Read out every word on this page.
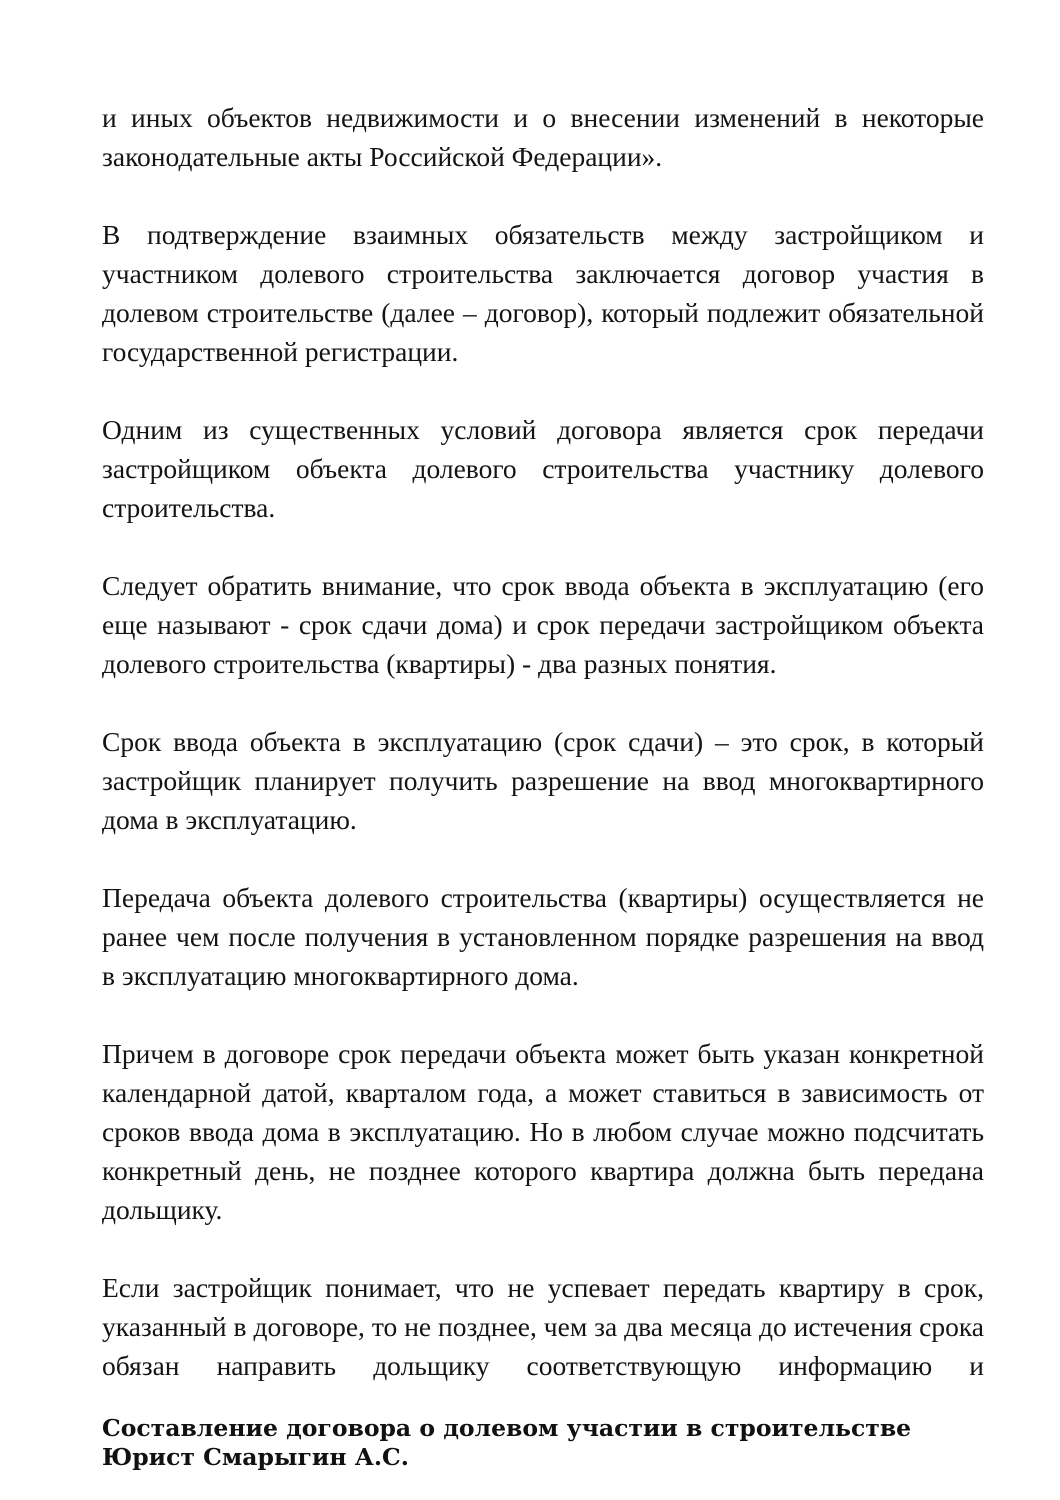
и иных объектов недвижимости и о внесении изменений в некоторые законодательные акты Российской Федерации».

В подтверждение взаимных обязательств между застройщиком и участником долевого строительства заключается договор участия в долевом строительстве (далее – договор), который подлежит обязательной государственной регистрации.

Одним из существенных условий договора является срок передачи застройщиком объекта долевого строительства участнику долевого строительства.

Следует обратить внимание, что срок ввода объекта в эксплуатацию (его еще называют - срок сдачи дома) и срок передачи застройщиком объекта долевого строительства (квартиры) - два разных понятия.

Срок ввода объекта в эксплуатацию (срок сдачи) – это срок, в который застройщик планирует получить разрешение на ввод многоквартирного дома в эксплуатацию.

Передача объекта долевого строительства (квартиры) осуществляется не ранее чем после получения в установленном порядке разрешения на ввод в эксплуатацию многоквартирного дома.

Причем в договоре срок передачи объекта может быть указан конкретной календарной датой, кварталом года, а может ставиться в зависимость от сроков ввода дома в эксплуатацию. Но в любом случае можно подсчитать конкретный день, не позднее которого квартира должна быть передана дольщику.

Если застройщик понимает, что не успевает передать квартиру в срок, указанный в договоре, то не позднее, чем за два месяца до истечения срока обязан направить дольщику соответствующую информацию и

Составление договора о долевом участии в строительстве

Юрист Смарыгин А.С.
